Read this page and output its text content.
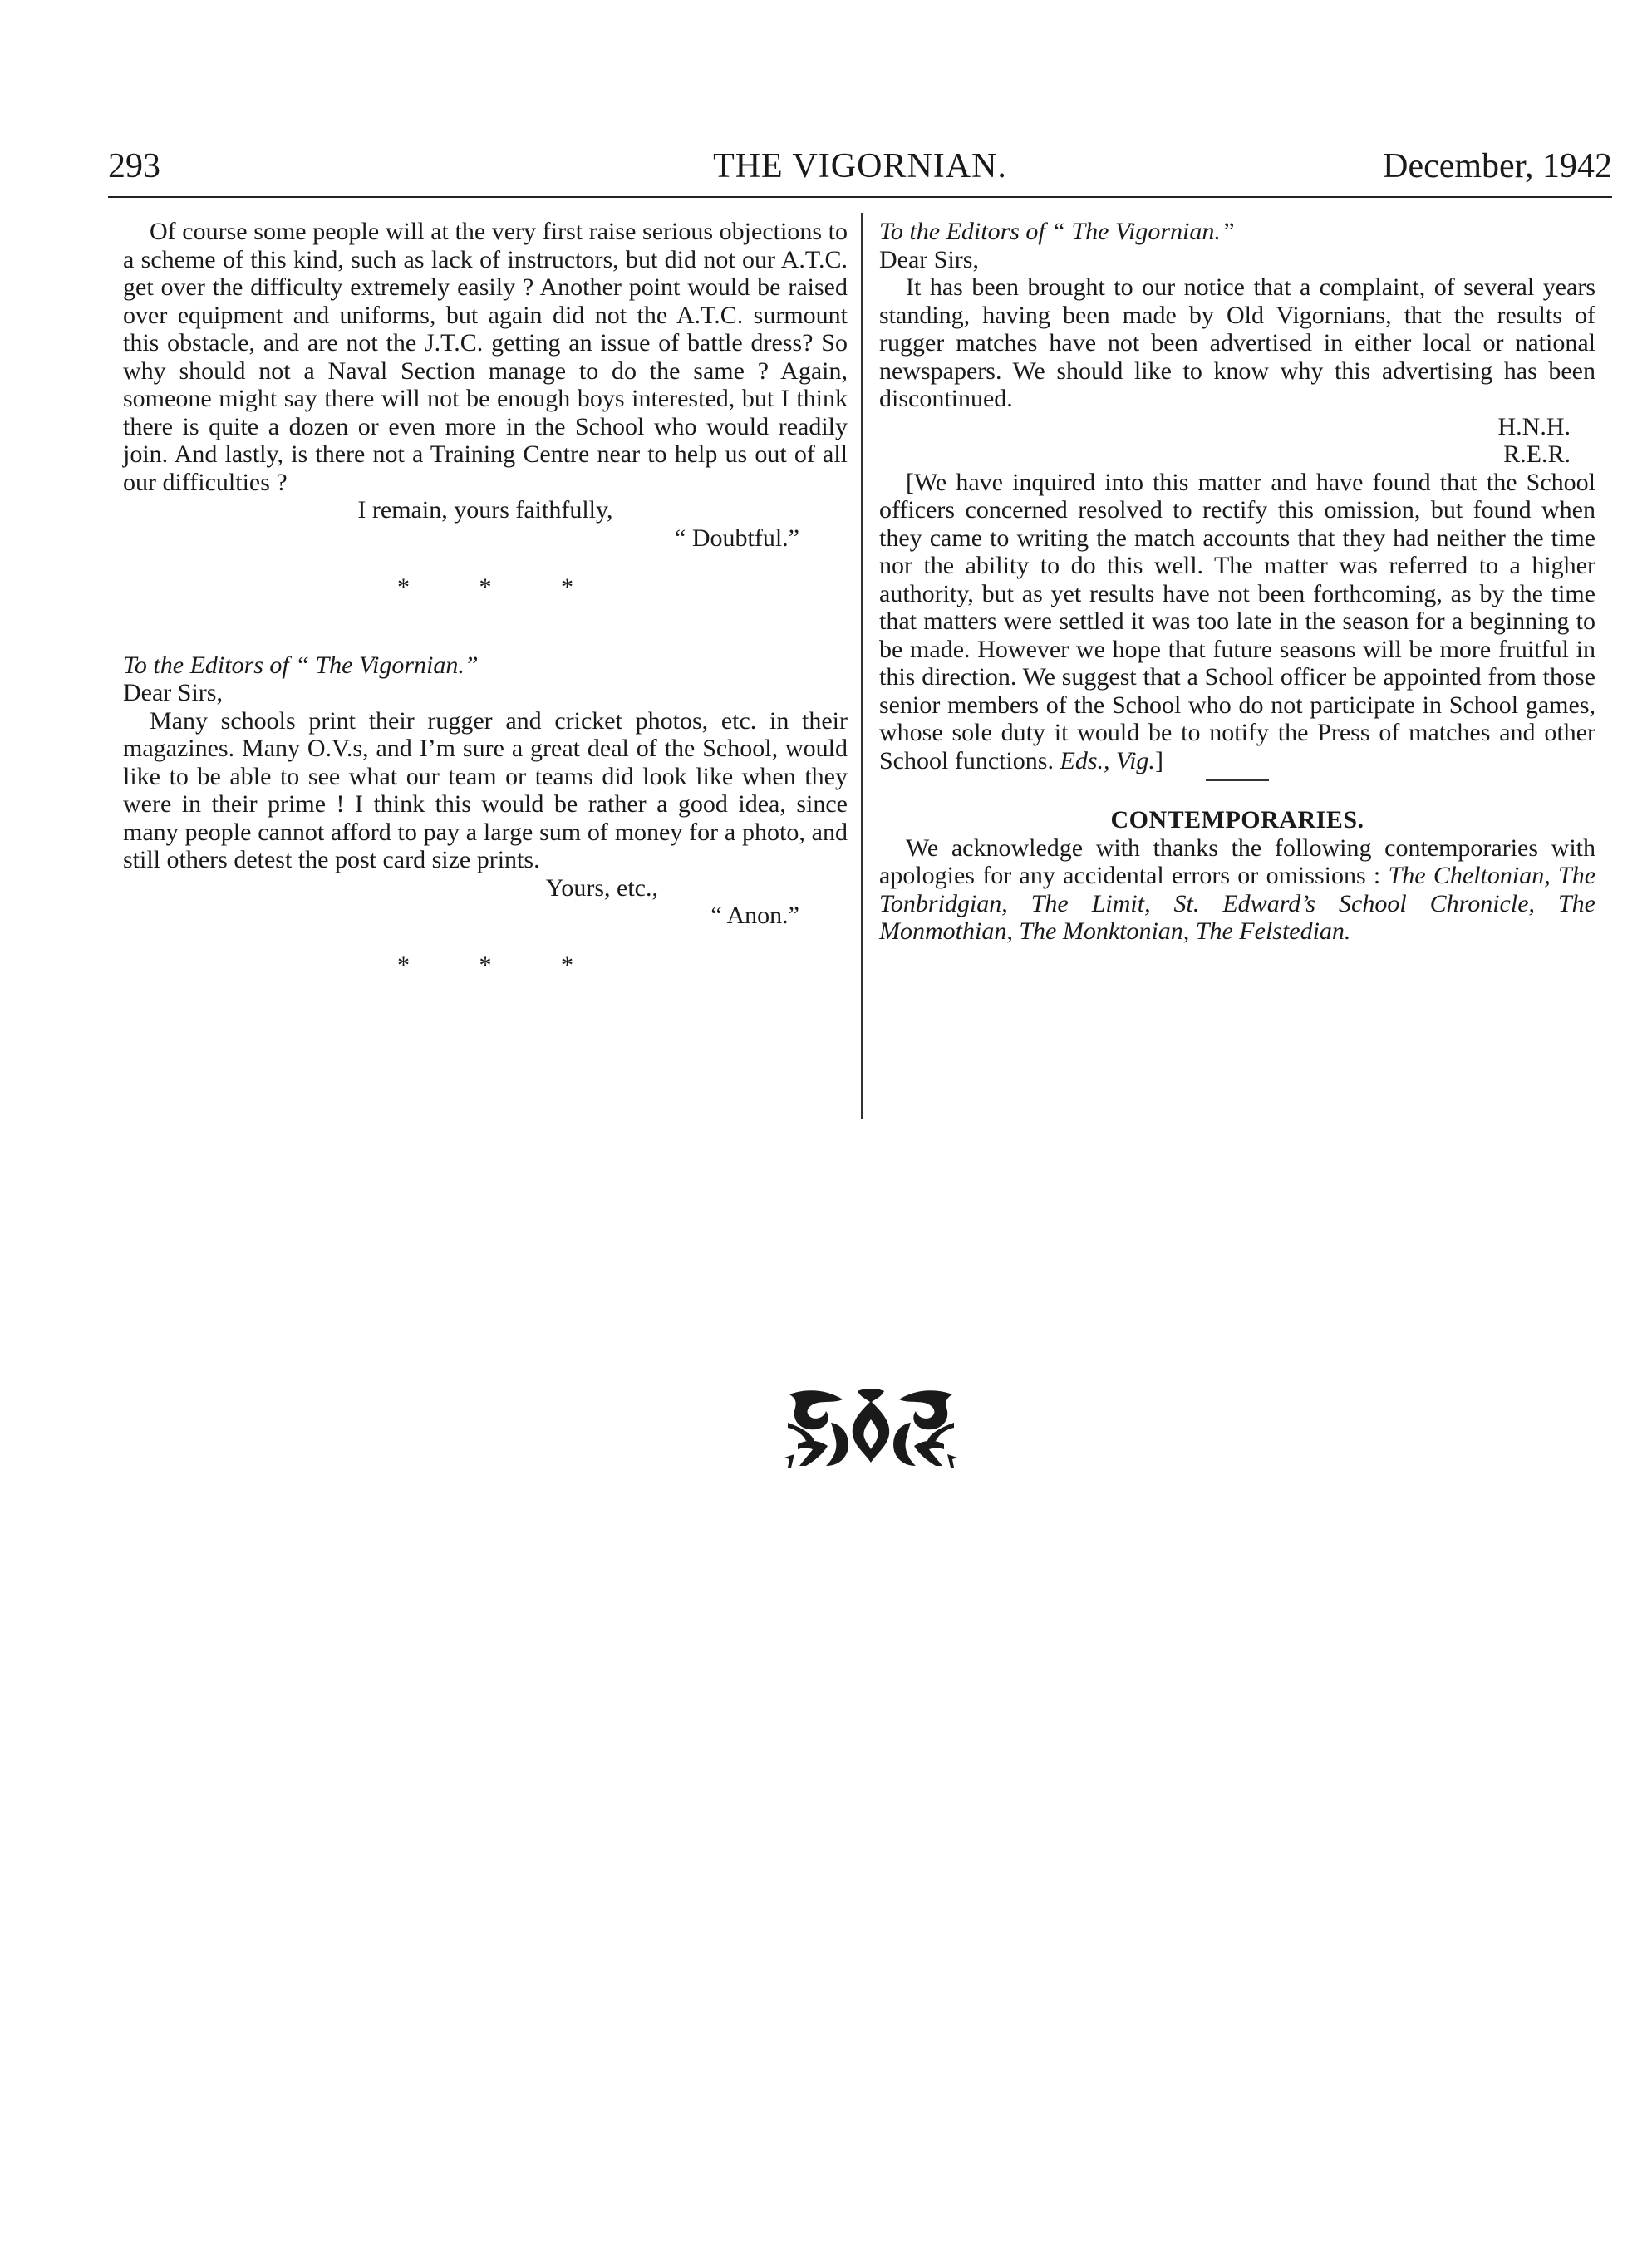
THE VIGORNIAN.
293	December, 1942

Of course some people will at the very first raise serious objections to a scheme of this kind, such as lack of instructors, but did not our A.T.C. get over the difficulty extremely easily ? Another point would be raised over equipment and uniforms, but again did not the A.T.C. surmount this obstacle, and are not the J.T.C. getting an issue of battle dress? So why should not a Naval Section manage to do the same ? Again, someone might say there will not be enough boys interested, but I think there is quite a dozen or even more in the School who would readily join. And lastly, is there not a Training Centre near to help us out of all our difficulties ?

I remain, yours faithfully,

“ Doubtful.”

* * *

To the Editors of “ The Vigornian.”

Dear Sirs,

Many schools print their rugger and cricket photos, etc. in their magazines. Many O.V.s, and I’m sure a great deal of the School, would like to be able to see what our team or teams did look like when they were in their prime ! I think this would be rather a good idea, since many people cannot afford to pay a large sum of money for a photo, and still others detest the post card size prints.

Yours, etc.,

“ Anon.”

* * *

To the Editors of “ The Vigornian.”

Dear Sirs,

It has been brought to our notice that a complaint, of several years standing, having been made by Old Vigornians, that the results of rugger matches have not been advertised in either local or national newspapers. We should like to know why this advertising has been discontinued.

H.N.H.

R.E.R.

[We have inquired into this matter and have found that the School officers concerned resolved to rectify this omission, but found when they came to writing the match accounts that they had neither the time nor the ability to do this well. The matter was referred to a higher authority, but as yet results have not been forthcoming, as by the time that matters were settled it was too late in the season for a beginning to be made. However we hope that future seasons will be more fruitful in this direction. We suggest that a School officer be appointed from those senior members of the School who do not participate in School games, whose sole duty it would be to notify the Press of matches and other School functions. Eds., Vig.]

CONTEMPORARIES.

We acknowledge with thanks the following contemporaries with apologies for any accidental errors or omissions : The Cheltonian, The Tonbridgian, The Limit, St. Edward’s School Chronicle, The Monmothian, The Monktonian, The Felstedian.
